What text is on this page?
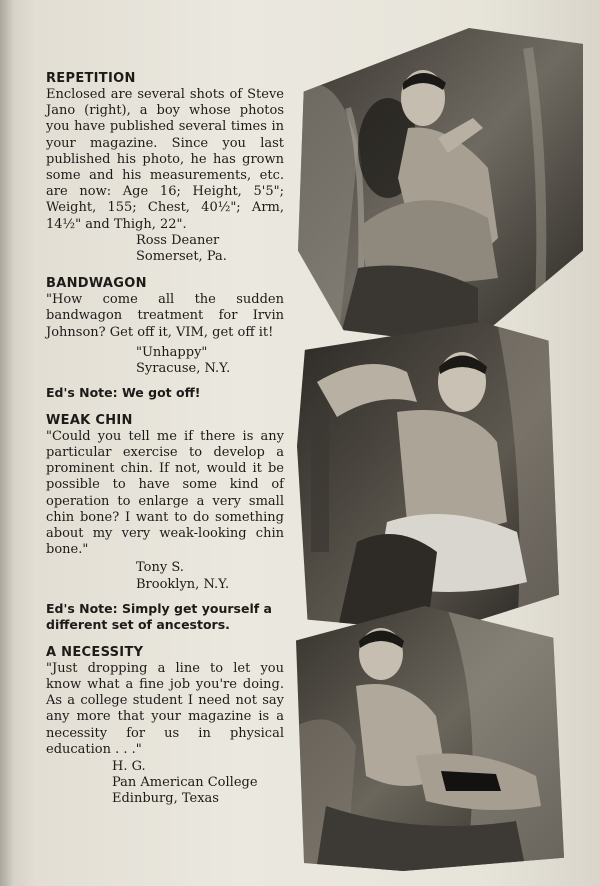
REPETITION
Enclosed are several shots of Steve Jano (right), a boy whose photos you have published several times in your magazine. Since you last published his photo, he has grown some and his measurements, etc. are now: Age 16; Height, 5'5"; Weight, 155; Chest, 40½"; Arm, 14½" and Thigh, 22".
Ross Deaner
Somerset, Pa.
BANDWAGON
"How come all the sudden bandwagon treatment for Irvin Johnson? Get off it, VIM, get off it!
"Unhappy"
Syracuse, N.Y.
Ed's Note: We got off!
WEAK CHIN
"Could you tell me if there is any particular exercise to develop a prominent chin. If not, would it be possible to have some kind of operation to enlarge a very small chin bone? I want to do something about my very weak-looking chin bone."
Tony S.
Brooklyn, N.Y.
Ed's Note: Simply get yourself a different set of ancestors.
A NECESSITY
"Just dropping a line to let you know what a fine job you're doing. As a college student I need not say any more that your magazine is a necessity for us in physical education . . ."
H. G.
Pan American College
Edinburg, Texas
